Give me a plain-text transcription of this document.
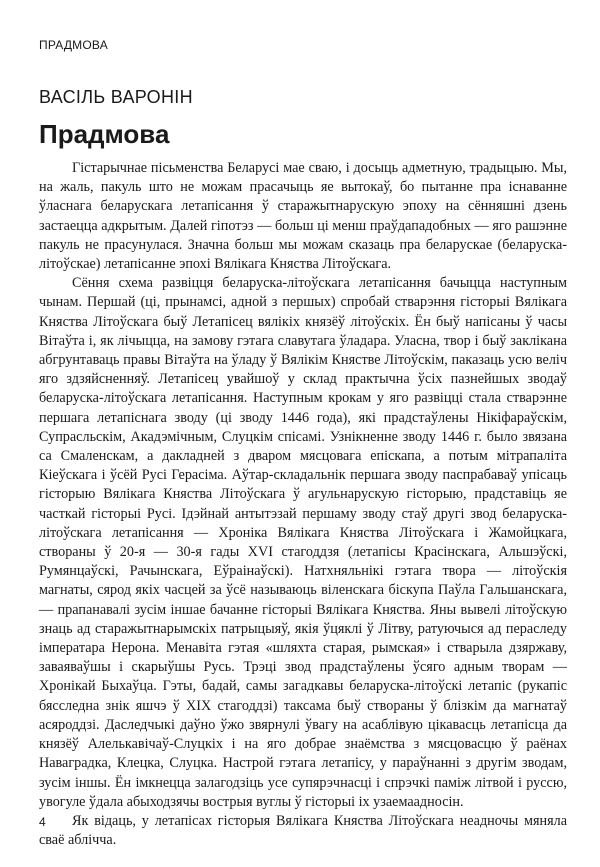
ПРАДМОВА
ВАСІЛЬ ВАРОНІН
Прадмова

Гістарычнае пісьменства Беларусі мае сваю, і досыць адметную, традыцыю. Мы, на жаль, пакуль што не можам прасачыць яе вытокаў, бо пытанне пра існаванне ўласнага беларускага летапісання ў старажытнарускую эпоху на сённяшні дзень застаецца адкрытым. Далей гіпотэз — больш ці менш праўдападобных — яго рашэнне пакуль не прасунулася. Значна больш мы можам сказаць пра беларускае (беларуска-літоўскае) летапісанне эпохі Вялікага Княства Літоўскага.

Сёння схема развіцця беларуска-літоўскага летапісання бачыцца наступным чынам. Першай (ці, прынамсі, адной з першых) спробай стварэння гісторыі Вялікага Княства Літоўскага быў Летапісец вялікіх князёў літоўскіх. Ён быў напісаны ў часы Вітаўта і, як лічыцца, на замову гэтага славутага ўладара. Уласна, твор і быў заклікана абгрунтаваць правы Вітаўта на ўладу ў Вялікім Княстве Літоўскім, паказаць усю веліч яго здзяйсненняў. Летапісец увайшоў у склад практычна ўсіх пазнейшых зводаў беларуска-літоўскага летапісання. Наступным крокам у яго развіцці стала стварэнне першага летапіснага зводу (ці зводу 1446 года), які прадстаўлены Нікіфараўскім, Супрасльскім, Акадэмічным, Слуцкім спісамі. Узнікненне зводу 1446 г. было звязана са Смаленскам, а дакладней з дваром мясцовага епіскапа, а потым мітрапаліта Кіеўскага і ўсёй Русі Герасіма. Аўтар-складальнік першага зводу паспрабаваў упісаць гісторыю Вялікага Княства Літоўскага ў агульнарускую гісторыю, прадставіць яе часткай гісторыі Русі. Ідэйнай антытэзай першаму зводу стаў другі звод беларуска-літоўскага летапісання — Хроніка Вялікага Княства Літоўскага і Жамойцкага, створаны ў 20-я — 30-я гады XVI стагоддзя (летапісы Красінскага, Альшэўскі, Румянцаўскі, Рачынскага, Еўраінаўскі). Натхняльнікі гэтага твора — літоўскія магнаты, сярод якіх часцей за ўсё называюць віленскага біскупа Паўла Гальшанскага, — прапанавалі зусім іншае бачанне гісторыі Вялікага Княства. Яны вывелі літоўскую знаць ад старажытнарымскіх патрыцыяў, якія ўцяклі ў Літву, ратуючыся ад пераследу імператара Нерона. Менавіта гэтая «шляхта старая, рымская» і стварыла дзяржаву, заваяваўшы і скарыўшы Русь. Трэці звод прадстаўлены ўсяго адным творам — Хронікай Быхаўца. Гэты, бадай, самы загадкавы беларуска-літоўскі летапіс (рукапіс бясследна знік яшчэ ў XIX стагоддзі) таксама быў створаны ў блізкім да магнатаў асяроддзі. Даследчыкі даўно ўжо звярнулі ўвагу на асаблівую цікавасць летапісца да князёў Алелькавічаў-Слуцкіх і на яго добрае знаёмства з мясцовасцю ў раёнах Наваградка, Клецка, Слуцка. Настрой гэтага летапісу, у параўнанні з другім зводам, зусім іншы. Ён імкнецца залагодзіць усе супярэчнасці і спрэчкі паміж літвой і руссю, увогуле ўдала абыходзячы вострыя вуглы ў гісторыі іх узаемаадносін.

Як відаць, у летапісах гісторыя Вялікага Княства Літоўскага неадночы мяняла сваё аблічча.

4
